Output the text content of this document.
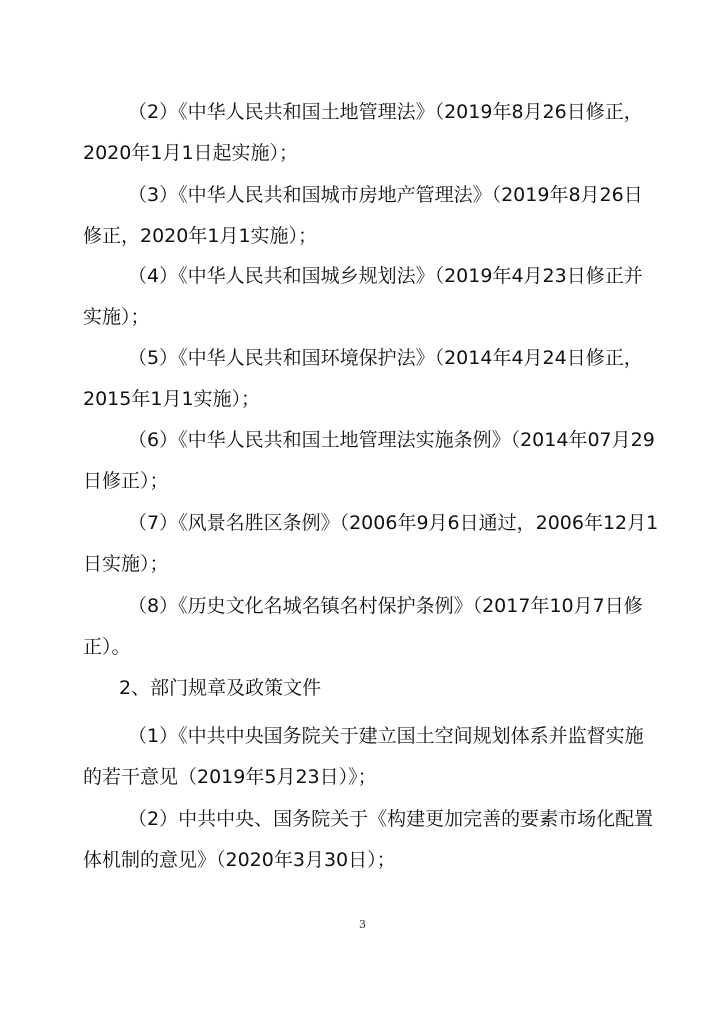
（2）《中华人民共和国土地管理法》（2019年8月26日修正，
2020年1月1日起实施）；

（3）《中华人民共和国城市房地产管理法》（2019年8月26日
修正，2020年1月1实施）；

（4）《中华人民共和国城乡规划法》（2019年4月23日修正并
实施）；

（5）《中华人民共和国环境保护法》（2014年4月24日修正，
2015年1月1实施）；

（6）《中华人民共和国土地管理法实施条例》（2014年07月29
日修正）；

（7）《风景名胜区条例》（2006年9月6日通过，2006年12月1
日实施）；

（8）《历史文化名城名镇名村保护条例》（2017年10月7日修
正）。

2、部门规章及政策文件

（1）《中共中央国务院关于建立国土空间规划体系并监督实施
的若干意见（2019年5月23日）》；

（2）中共中央、国务院关于《构建更加完善的要素市场化配置
体机制的意见》（2020年3月30日）；

3
